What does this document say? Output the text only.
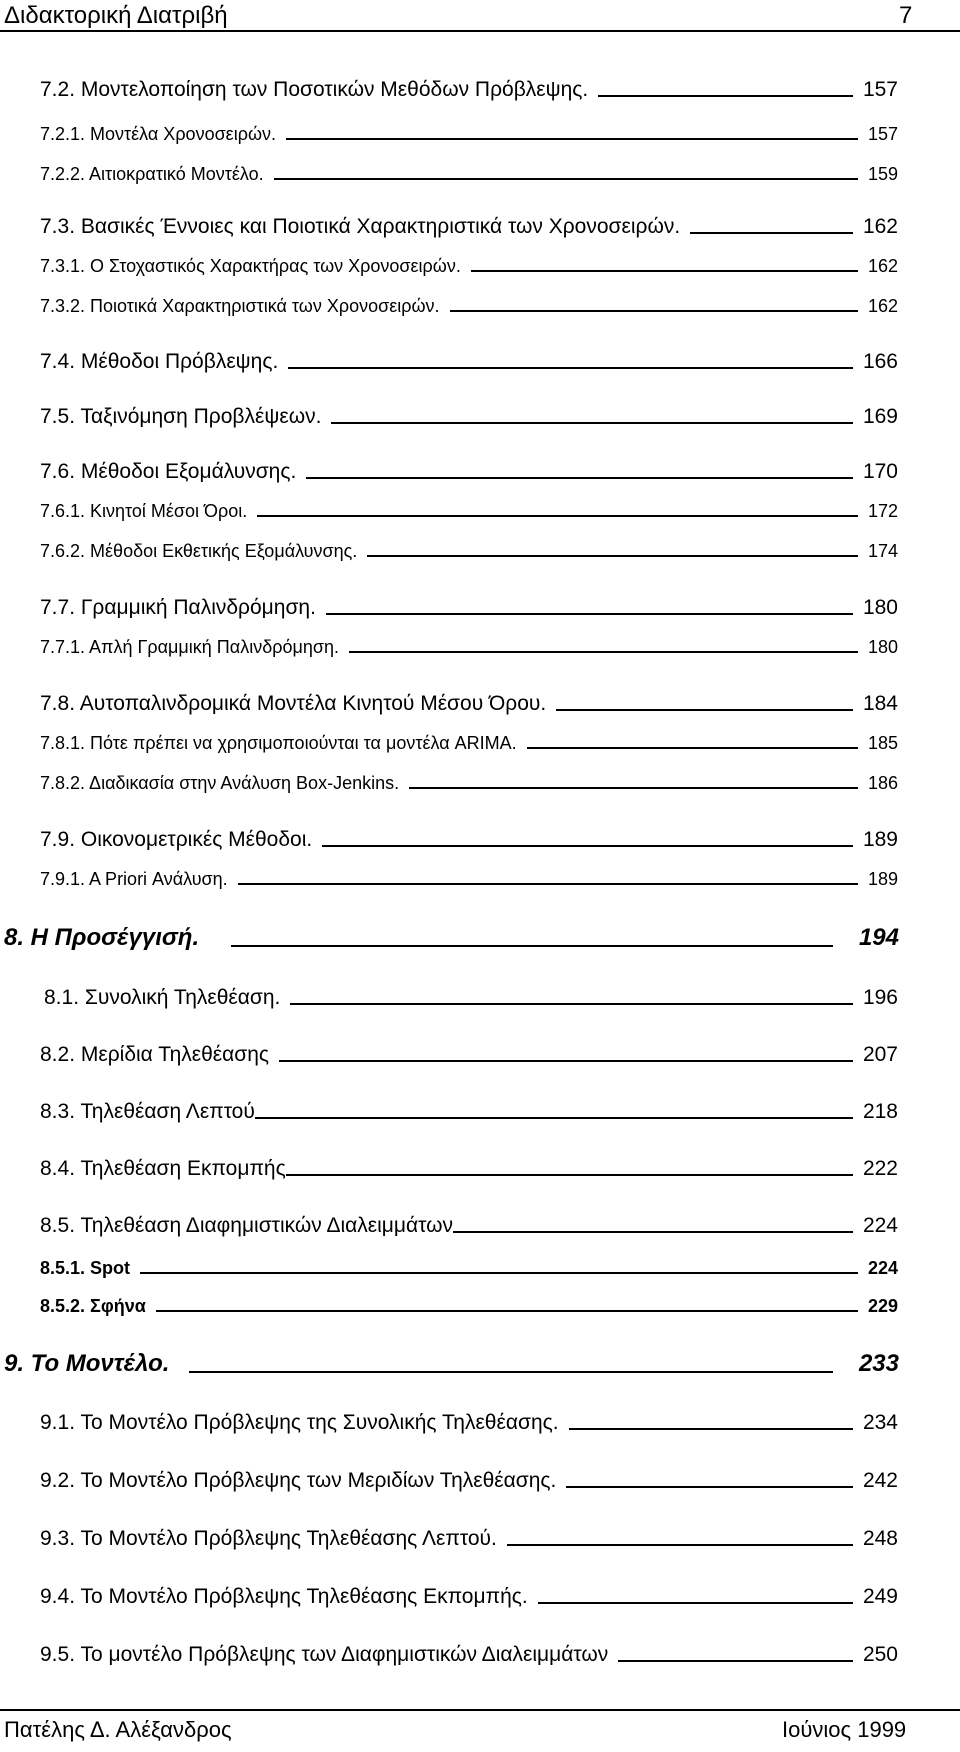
Διδακτορική Διατριβή	7
7.2. Μοντελοποίηση των Ποσοτικών Μεθόδων Πρόβλεψης.	157
7.2.1. Μοντέλα Χρονοσειρών.	157
7.2.2. Αιτιοκρατικό Μοντέλο.	159
7.3. Βασικές Έννοιες και Ποιοτικά Χαρακτηριστικά των Χρονοσειρών.	162
7.3.1. Ο Στοχαστικός Χαρακτήρας των Χρονοσειρών.	162
7.3.2. Ποιοτικά Χαρακτηριστικά των Χρονοσειρών.	162
7.4. Μέθοδοι Πρόβλεψης.	166
7.5. Ταξινόμηση Προβλέψεων.	169
7.6. Μέθοδοι Εξομάλυνσης.	170
7.6.1. Κινητοί Μέσοι Όροι.	172
7.6.2. Μέθοδοι Εκθετικής Εξομάλυνσης.	174
7.7. Γραμμική Παλινδρόμηση.	180
7.7.1. Απλή Γραμμική Παλινδρόμηση.	180
7.8. Αυτοπαλινδρομικά Μοντέλα Κινητού Μέσου Όρου.	184
7.8.1. Πότε πρέπει να χρησιμοποιούνται τα μοντέλα ARIMA.	185
7.8.2. Διαδικασία στην Ανάλυση Box-Jenkins.	186
7.9. Οικονομετρικές Μέθοδοι.	189
7.9.1. A Priori Ανάλυση.	189
8. Η Προσέγγισή.	194
8.1. Συνολική Τηλεθέαση.	196
8.2. Μερίδια Τηλεθέασης	207
8.3. Τηλεθέαση Λεπτού	218
8.4. Τηλεθέαση Εκπομπής	222
8.5. Τηλεθέαση Διαφημιστικών Διαλειμμάτων	224
8.5.1. Spot	224
8.5.2. Σφήνα	229
9. Το Μοντέλο.	233
9.1. Το Μοντέλο Πρόβλεψης της Συνολικής Τηλεθέασης.	234
9.2. Το Μοντέλο Πρόβλεψης των Μεριδίων Τηλεθέασης.	242
9.3. Το Μοντέλο Πρόβλεψης Τηλεθέασης Λεπτού.	248
9.4. Το Μοντέλο Πρόβλεψης Τηλεθέασης Εκπομπής.	249
9.5. Το μοντέλο Πρόβλεψης των Διαφημιστικών Διαλειμμάτων	250
Πατέλης Δ. Αλέξανδρος	Ιούνιος 1999
